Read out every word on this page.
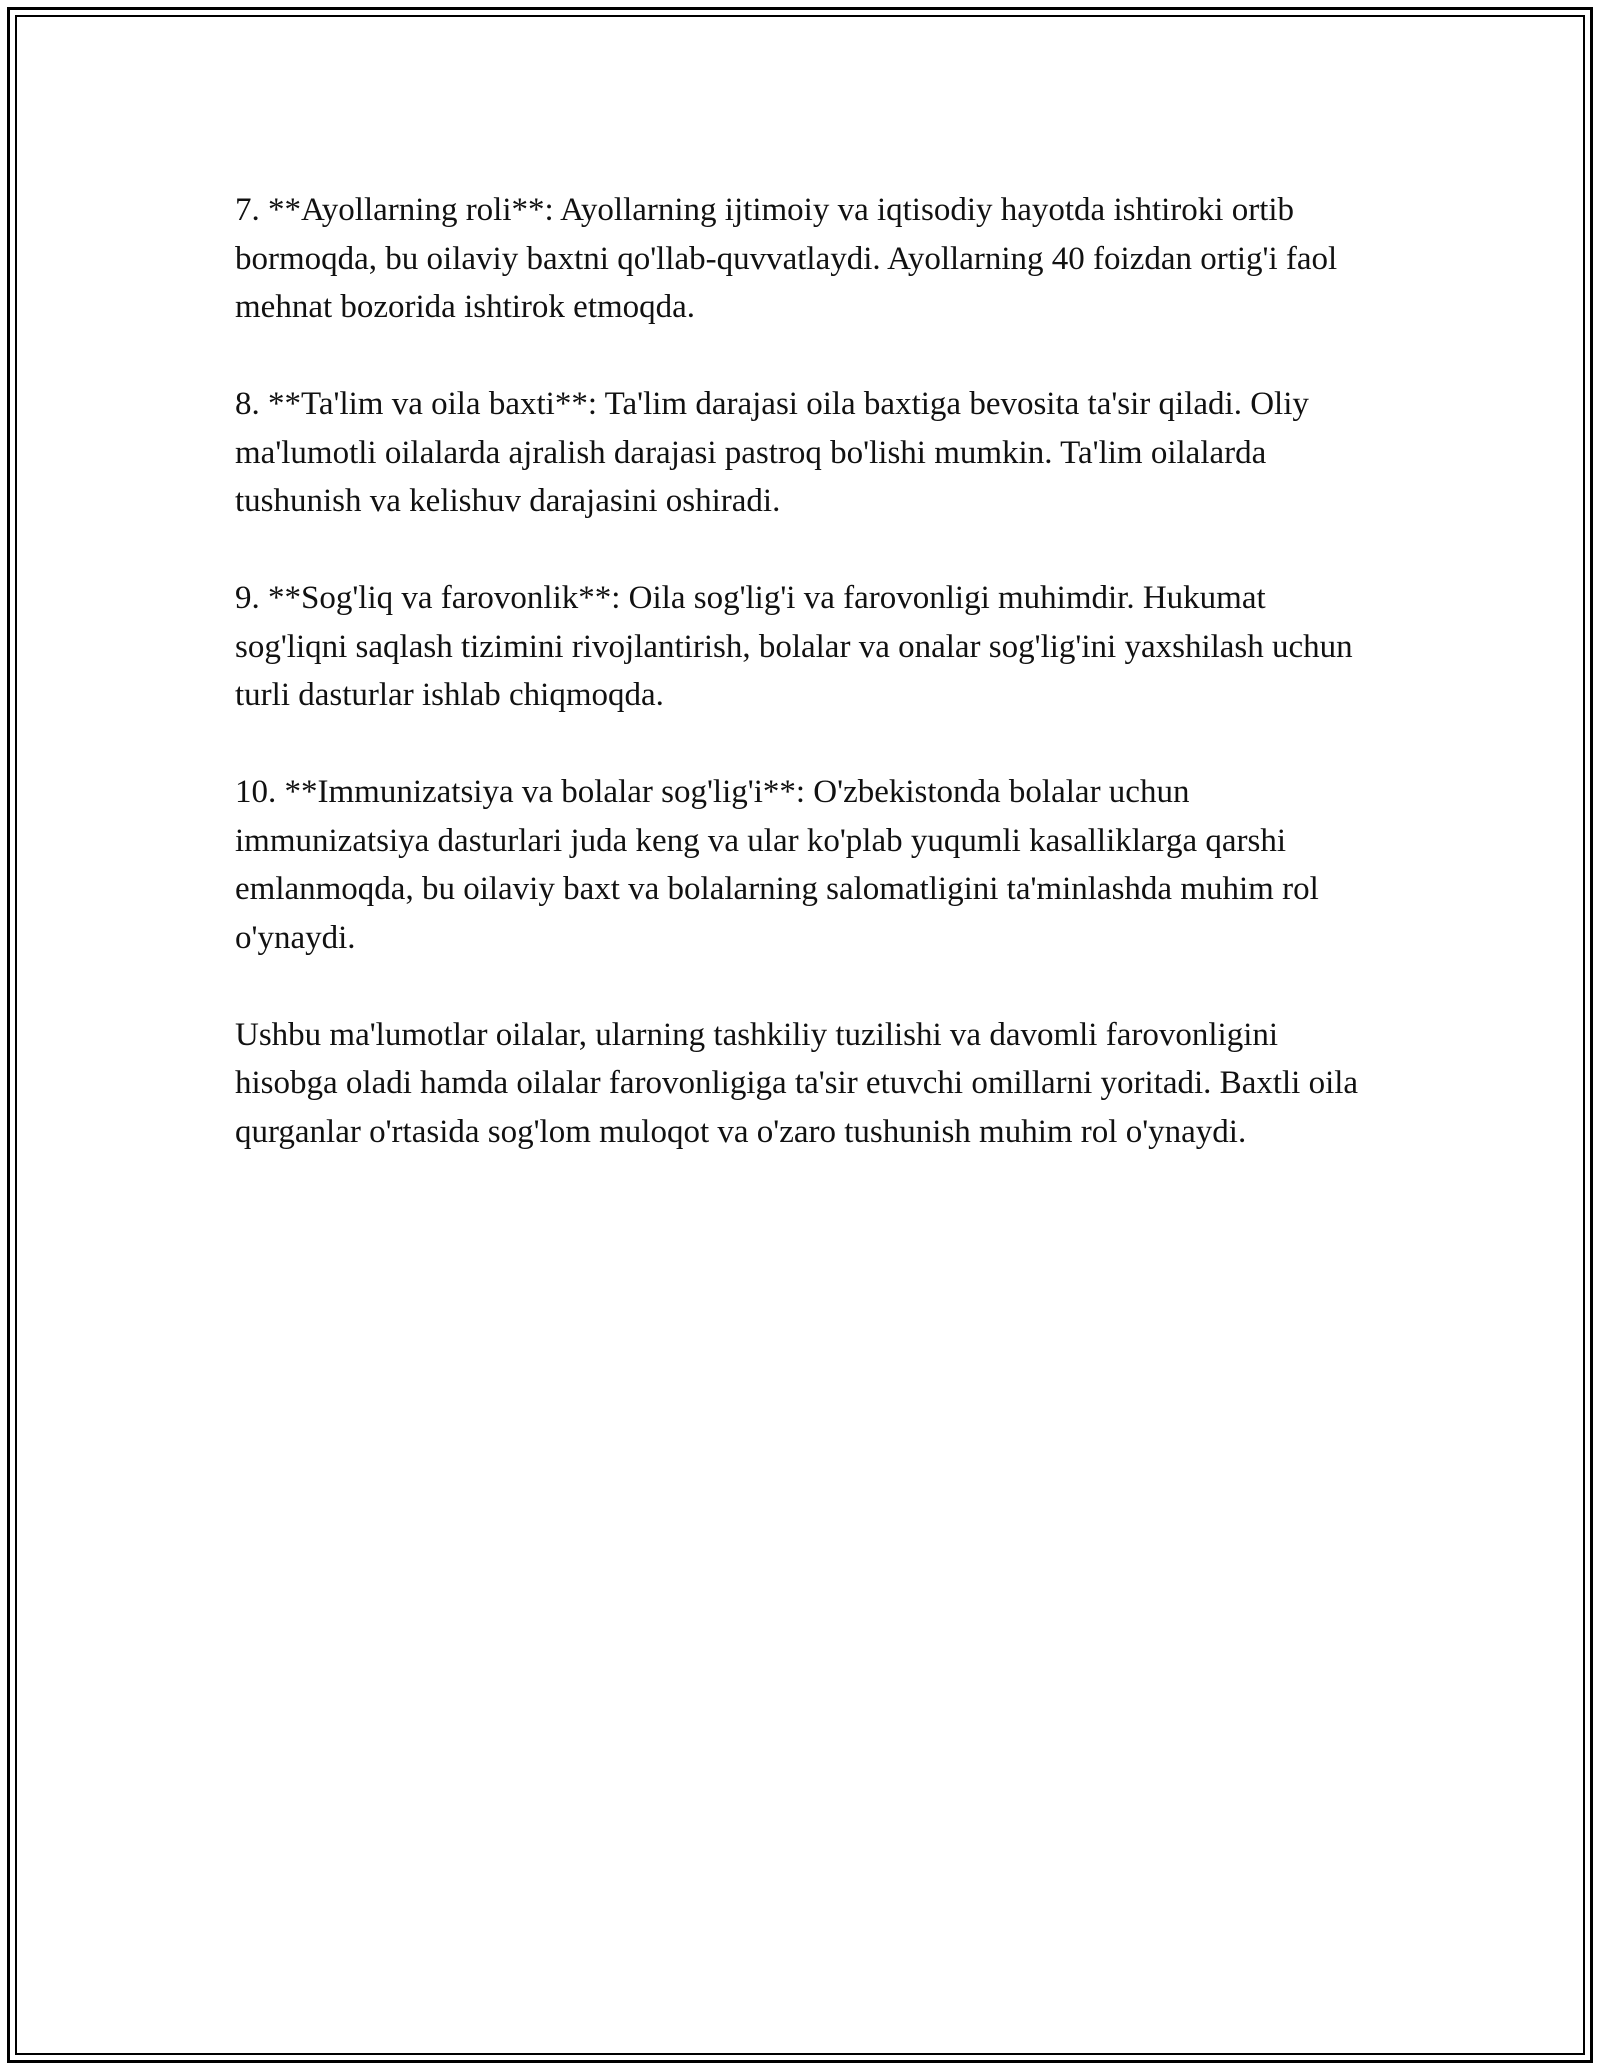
7. **Ayollarning roli**: Ayollarning ijtimoiy va iqtisodiy hayotda ishtiroki ortib bormoqda, bu oilaviy baxtni qo'llab-quvvatlaydi. Ayollarning 40 foizdan ortig'i faol mehnat bozorida ishtirok etmoqda.

8. **Ta'lim va oila baxti**: Ta'lim darajasi oila baxtiga bevosita ta'sir qiladi. Oliy ma'lumotli oilalarda ajralish darajasi pastroq bo'lishi mumkin. Ta'lim oilalarda tushunish va kelishuv darajasini oshiradi.

9. **Sog'liq va farovonlik**: Oila sog'lig'i va farovonligi muhimdir. Hukumat sog'liqni saqlash tizimini rivojlantirish, bolalar va onalar sog'lig'ini yaxshilash uchun turli dasturlar ishlab chiqmoqda.

10. **Immunizatsiya va bolalar sog'lig'i**: O'zbekistonda bolalar uchun immunizatsiya dasturlari juda keng va ular ko'plab yuqumli kasalliklarga qarshi emlanmoqda, bu oilaviy baxt va bolalarning salomatligini ta'minlashda muhim rol o'ynaydi.

Ushbu ma'lumotlar oilalar, ularning tashkiliy tuzilishi va davomli farovonligini hisobga oladi hamda oilalar farovonligiga ta'sir etuvchi omillarni yoritadi. Baxtli oila qurganlar o'rtasida sog'lom muloqot va o'zaro tushunish muhim rol o'ynaydi.
